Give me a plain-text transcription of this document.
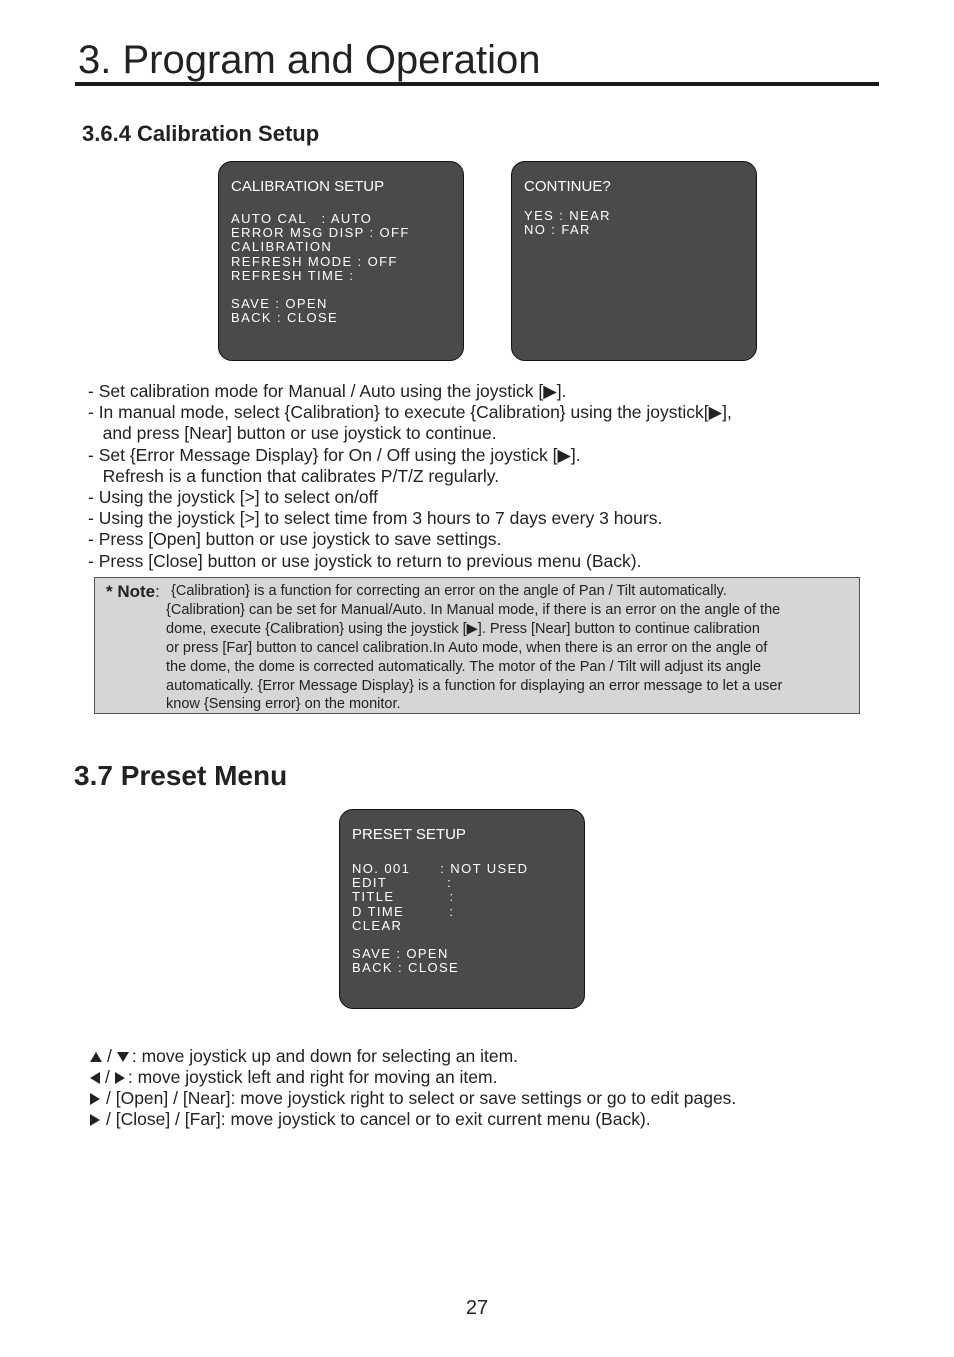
3. Program and Operation
3.6.4 Calibration Setup

CALIBRATION SETUP

AUTO CAL   : AUTO

ERROR MSG DISP : OFF

CALIBRATION

REFRESH MODE : OFF

REFRESH TIME :

SAVE : OPEN

BACK : CLOSE

CONTINUE?

YES : NEAR

NO : FAR

- Set calibration mode for Manual / Auto using the joystick [▶].
- In manual mode, select {Calibration} to execute {Calibration} using the joystick[▶],
and press [Near] button or use joystick to continue.
- Set {Error Message Display} for On / Off using the joystick [▶].
Refresh is a function that calibrates P/T/Z regularly.
- Using the joystick [>] to select on/off
- Using the joystick [>] to select time from 3 hours to 7 days every 3 hours.
- Press [Open] button or use joystick to save settings.
- Press [Close] button or use joystick to return to previous menu (Back).
* Note: {Calibration} is a function for correcting an error on the angle of Pan / Tilt automatically.
{Calibration} can be set for Manual/Auto. In Manual mode, if there is an error on the angle of the
dome, execute {Calibration} using the joystick [▶]. Press [Near] button to continue calibration
or press [Far] button to cancel calibration.In Auto mode, when there is an error on the angle of
the dome, the dome is corrected automatically. The motor of the Pan / Tilt will adjust its angle
automatically. {Error Message Display} is a function for displaying an error message to let a user
know {Sensing error} on the monitor.
3.7 Preset Menu

PRESET SETUP

NO. 001      : NOT USED

EDIT            :

TITLE           :

D TIME         :

CLEAR

SAVE : OPEN

BACK : CLOSE

/ : move joystick up and down for selecting an item.
/ : move joystick left and right for moving an item.
/ [Open] / [Near]: move joystick right to select or save settings or go to edit pages.
/ [Close] / [Far]: move joystick to cancel or to exit current menu (Back).
27
